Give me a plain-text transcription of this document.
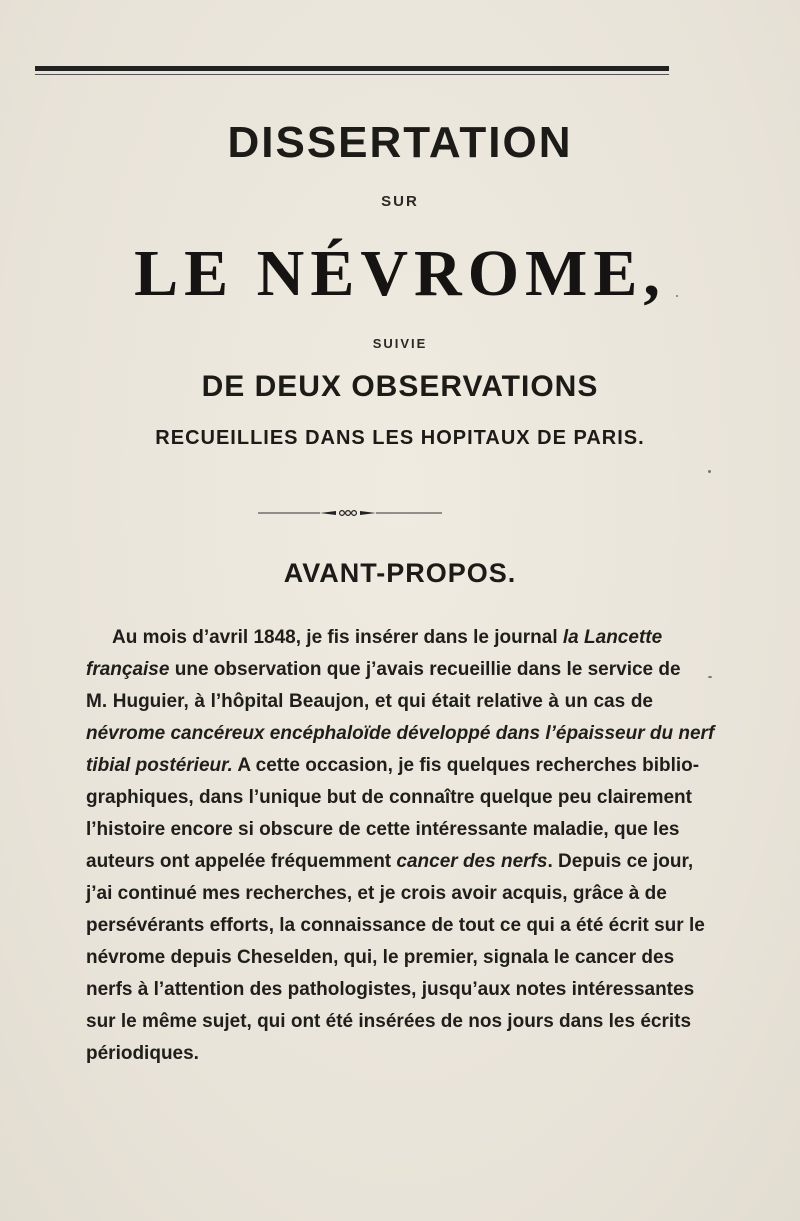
DISSERTATION
SUR
LE NÉVROME,
SUIVIE
DE DEUX OBSERVATIONS
RECUEILLIES DANS LES HOPITAUX DE PARIS.
AVANT-PROPOS.
Au mois d’avril 1848, je fis insérer dans le journal la Lancette
française une observation que j’avais recueillie dans le service de
M. Huguier, à l’hôpital Beaujon, et qui était relative à un cas de
névrome cancéreux encéphaloïde développé dans l’épaisseur du nerf
tibial postérieur. A cette occasion, je fis quelques recherches biblio-
graphiques, dans l’unique but de connaître quelque peu clairement
l’histoire encore si obscure de cette intéressante maladie, que les
auteurs ont appelée fréquemment cancer des nerfs. Depuis ce jour,
j’ai continué mes recherches, et je crois avoir acquis, grâce à de
persévérants efforts, la connaissance de tout ce qui a été écrit sur le
névrome depuis Cheselden, qui, le premier, signala le cancer des
nerfs à l’attention des pathologistes, jusqu’aux notes intéressantes
sur le même sujet, qui ont été insérées de nos jours dans les écrits
périodiques.
